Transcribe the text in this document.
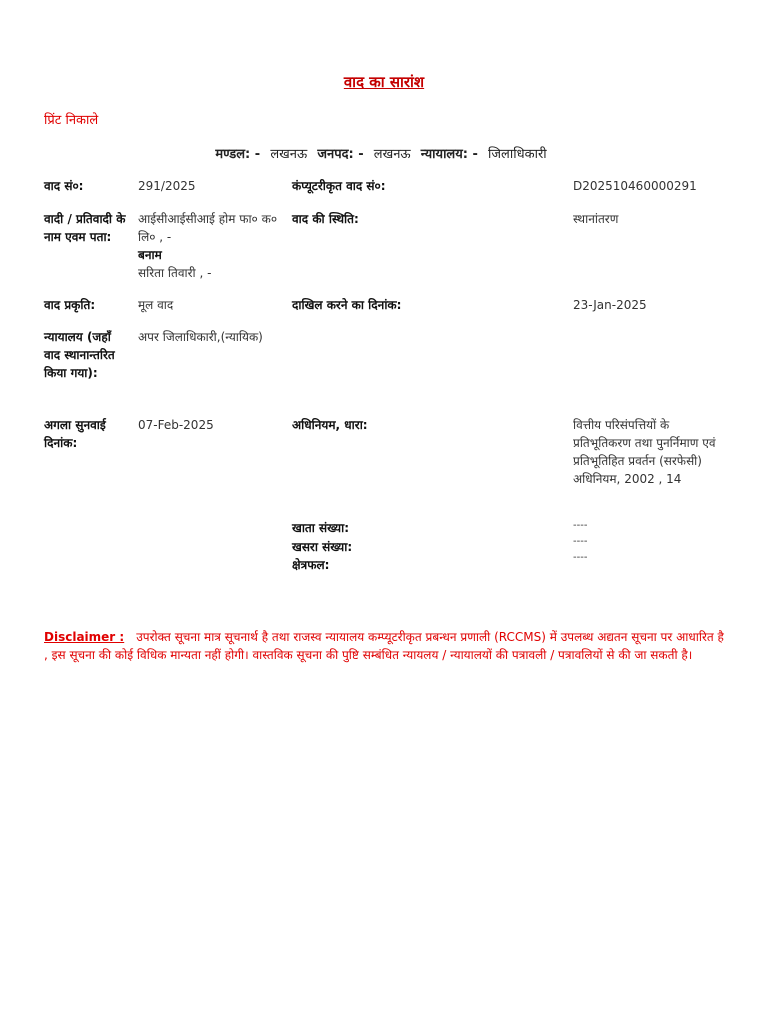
वाद का सारांश
प्रिंट निकाले
मण्डल: - लखनऊ जनपद: - लखनऊ न्यायालय: - जिलाधिकारी
वाद सं०:	291/2025	कंप्यूटरीकृत वाद सं०:	D202510460000291
वादी / प्रतिवादी के नाम एवम पता:
आईसीआईसीआई होम फा० क० लि० , -
बनाम
सरिता तिवारी , -
वाद की स्थिति:	स्थानांतरण
वाद प्रकृति:	मूल वाद	दाखिल करने का दिनांक:	23-Jan-2025
न्यायालय (जहाँ वाद स्थानान्तरित किया गया):
अपर जिलाधिकारी,(न्यायिक)
अगला सुनवाई दिनांक:
07-Feb-2025	अधिनियम, धारा:	वित्तीय परिसंपत्तियों के प्रतिभूतिकरण तथा पुनर्निमाण एवं प्रतिभूतिहित प्रवर्तन (सरफेसी) अधिनियम, 2002 , 14
खाता संख्या:	----
खसरा संख्या:	----
क्षेत्रफल:
----
Disclaimer : उपरोक्त सूचना मात्र सूचनार्थ है तथा राजस्व न्यायालय कम्प्यूटरीकृत प्रबन्धन प्रणाली (RCCMS) में उपलब्ध अद्यतन सूचना पर आधारित है , इस सूचना की कोई विधिक मान्यता नहीं होगी। वास्तविक सूचना की पुष्टि सम्बंधित न्यायलय / न्यायालयों की पत्रावली / पत्रावलियों से की जा सकती है।
